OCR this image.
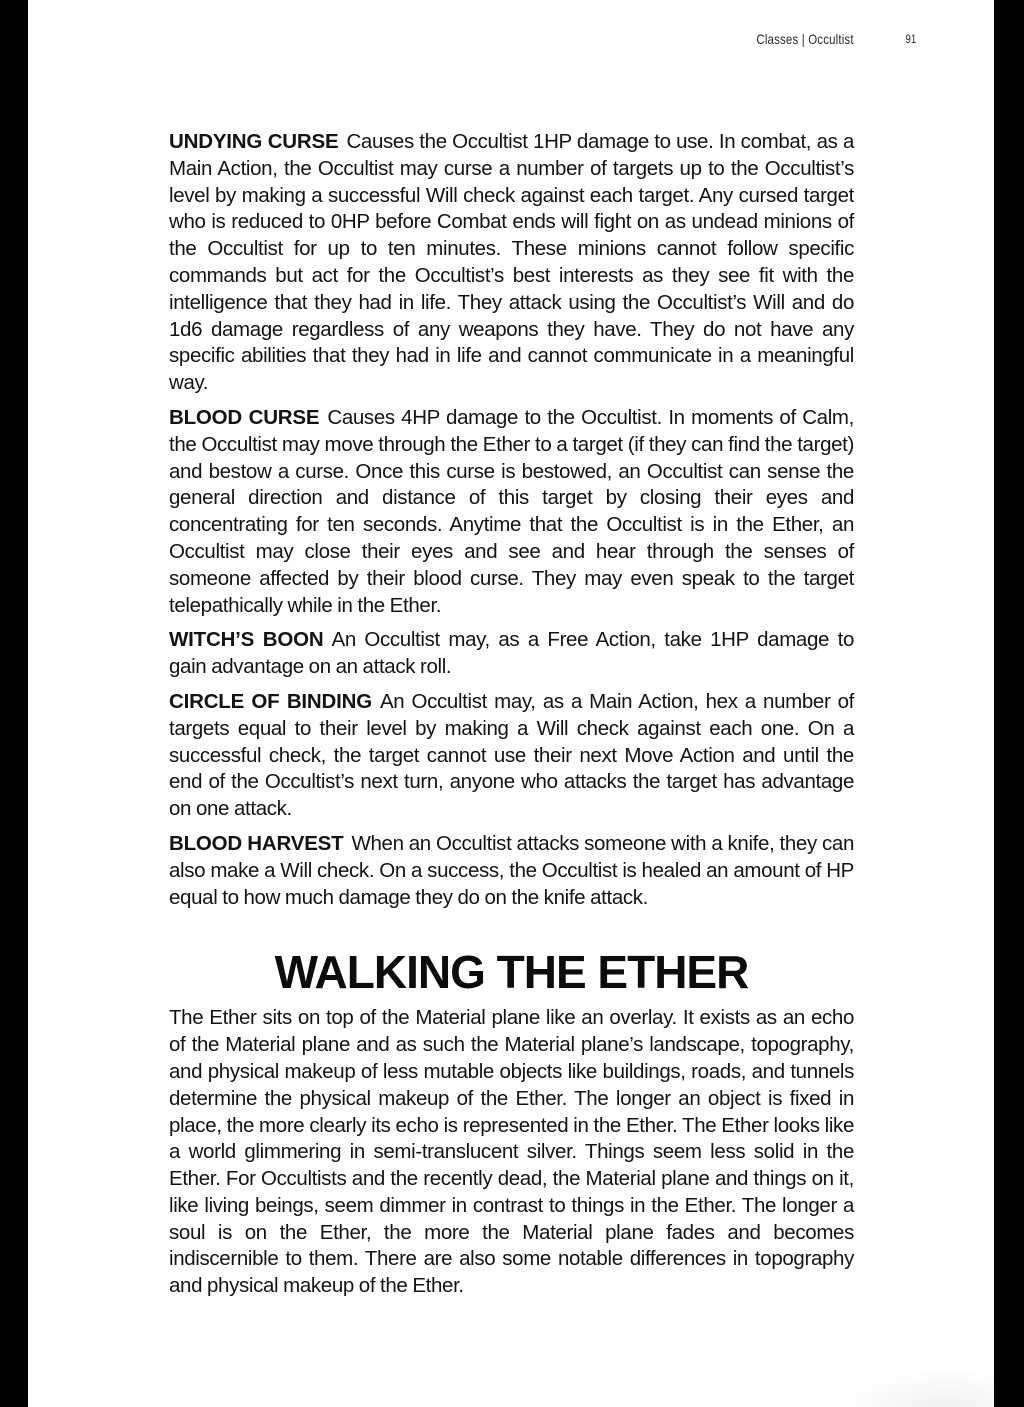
Classes | Occultist	91

UNDYING CURSE Causes the Occultist 1HP damage to use. In combat, as a Main Action, the Occultist may curse a number of targets up to the Occultist’s level by making a successful Will check against each target. Any cursed target who is reduced to 0HP before Combat ends will fight on as undead minions of the Occultist for up to ten minutes. These minions cannot follow specific commands but act for the Occultist’s best interests as they see fit with the intelligence that they had in life. They attack using the Occultist’s Will and do 1d6 damage regardless of any weapons they have. They do not have any specific abilities that they had in life and cannot communicate in a meaningful way.

BLOOD CURSE Causes 4HP damage to the Occultist. In moments of Calm, the Occultist may move through the Ether to a target (if they can find the target) and bestow a curse. Once this curse is bestowed, an Occultist can sense the general direction and distance of this target by closing their eyes and concentrating for ten seconds. Anytime that the Occultist is in the Ether, an Occultist may close their eyes and see and hear through the senses of someone affected by their blood curse. They may even speak to the target telepathically while in the Ether.

WITCH’S BOON An Occultist may, as a Free Action, take 1HP damage to gain advantage on an attack roll.

CIRCLE OF BINDING An Occultist may, as a Main Action, hex a number of targets equal to their level by making a Will check against each one. On a successful check, the target cannot use their next Move Action and until the end of the Occultist’s next turn, anyone who attacks the target has advantage on one attack.

BLOOD HARVEST When an Occultist attacks someone with a knife, they can also make a Will check. On a success, the Occultist is healed an amount of HP equal to how much damage they do on the knife attack.

WALKING THE ETHER

The Ether sits on top of the Material plane like an overlay. It exists as an echo of the Material plane and as such the Material plane’s landscape, topography, and physical makeup of less mutable objects like buildings, roads, and tunnels determine the physical makeup of the Ether. The longer an object is fixed in place, the more clearly its echo is represented in the Ether. The Ether looks like a world glimmering in semi-translucent silver. Things seem less solid in the Ether. For Occultists and the recently dead, the Material plane and things on it, like living beings, seem dimmer in contrast to things in the Ether. The longer a soul is on the Ether, the more the Material plane fades and becomes indiscernible to them. There are also some notable differences in topography and physical makeup of the Ether.
